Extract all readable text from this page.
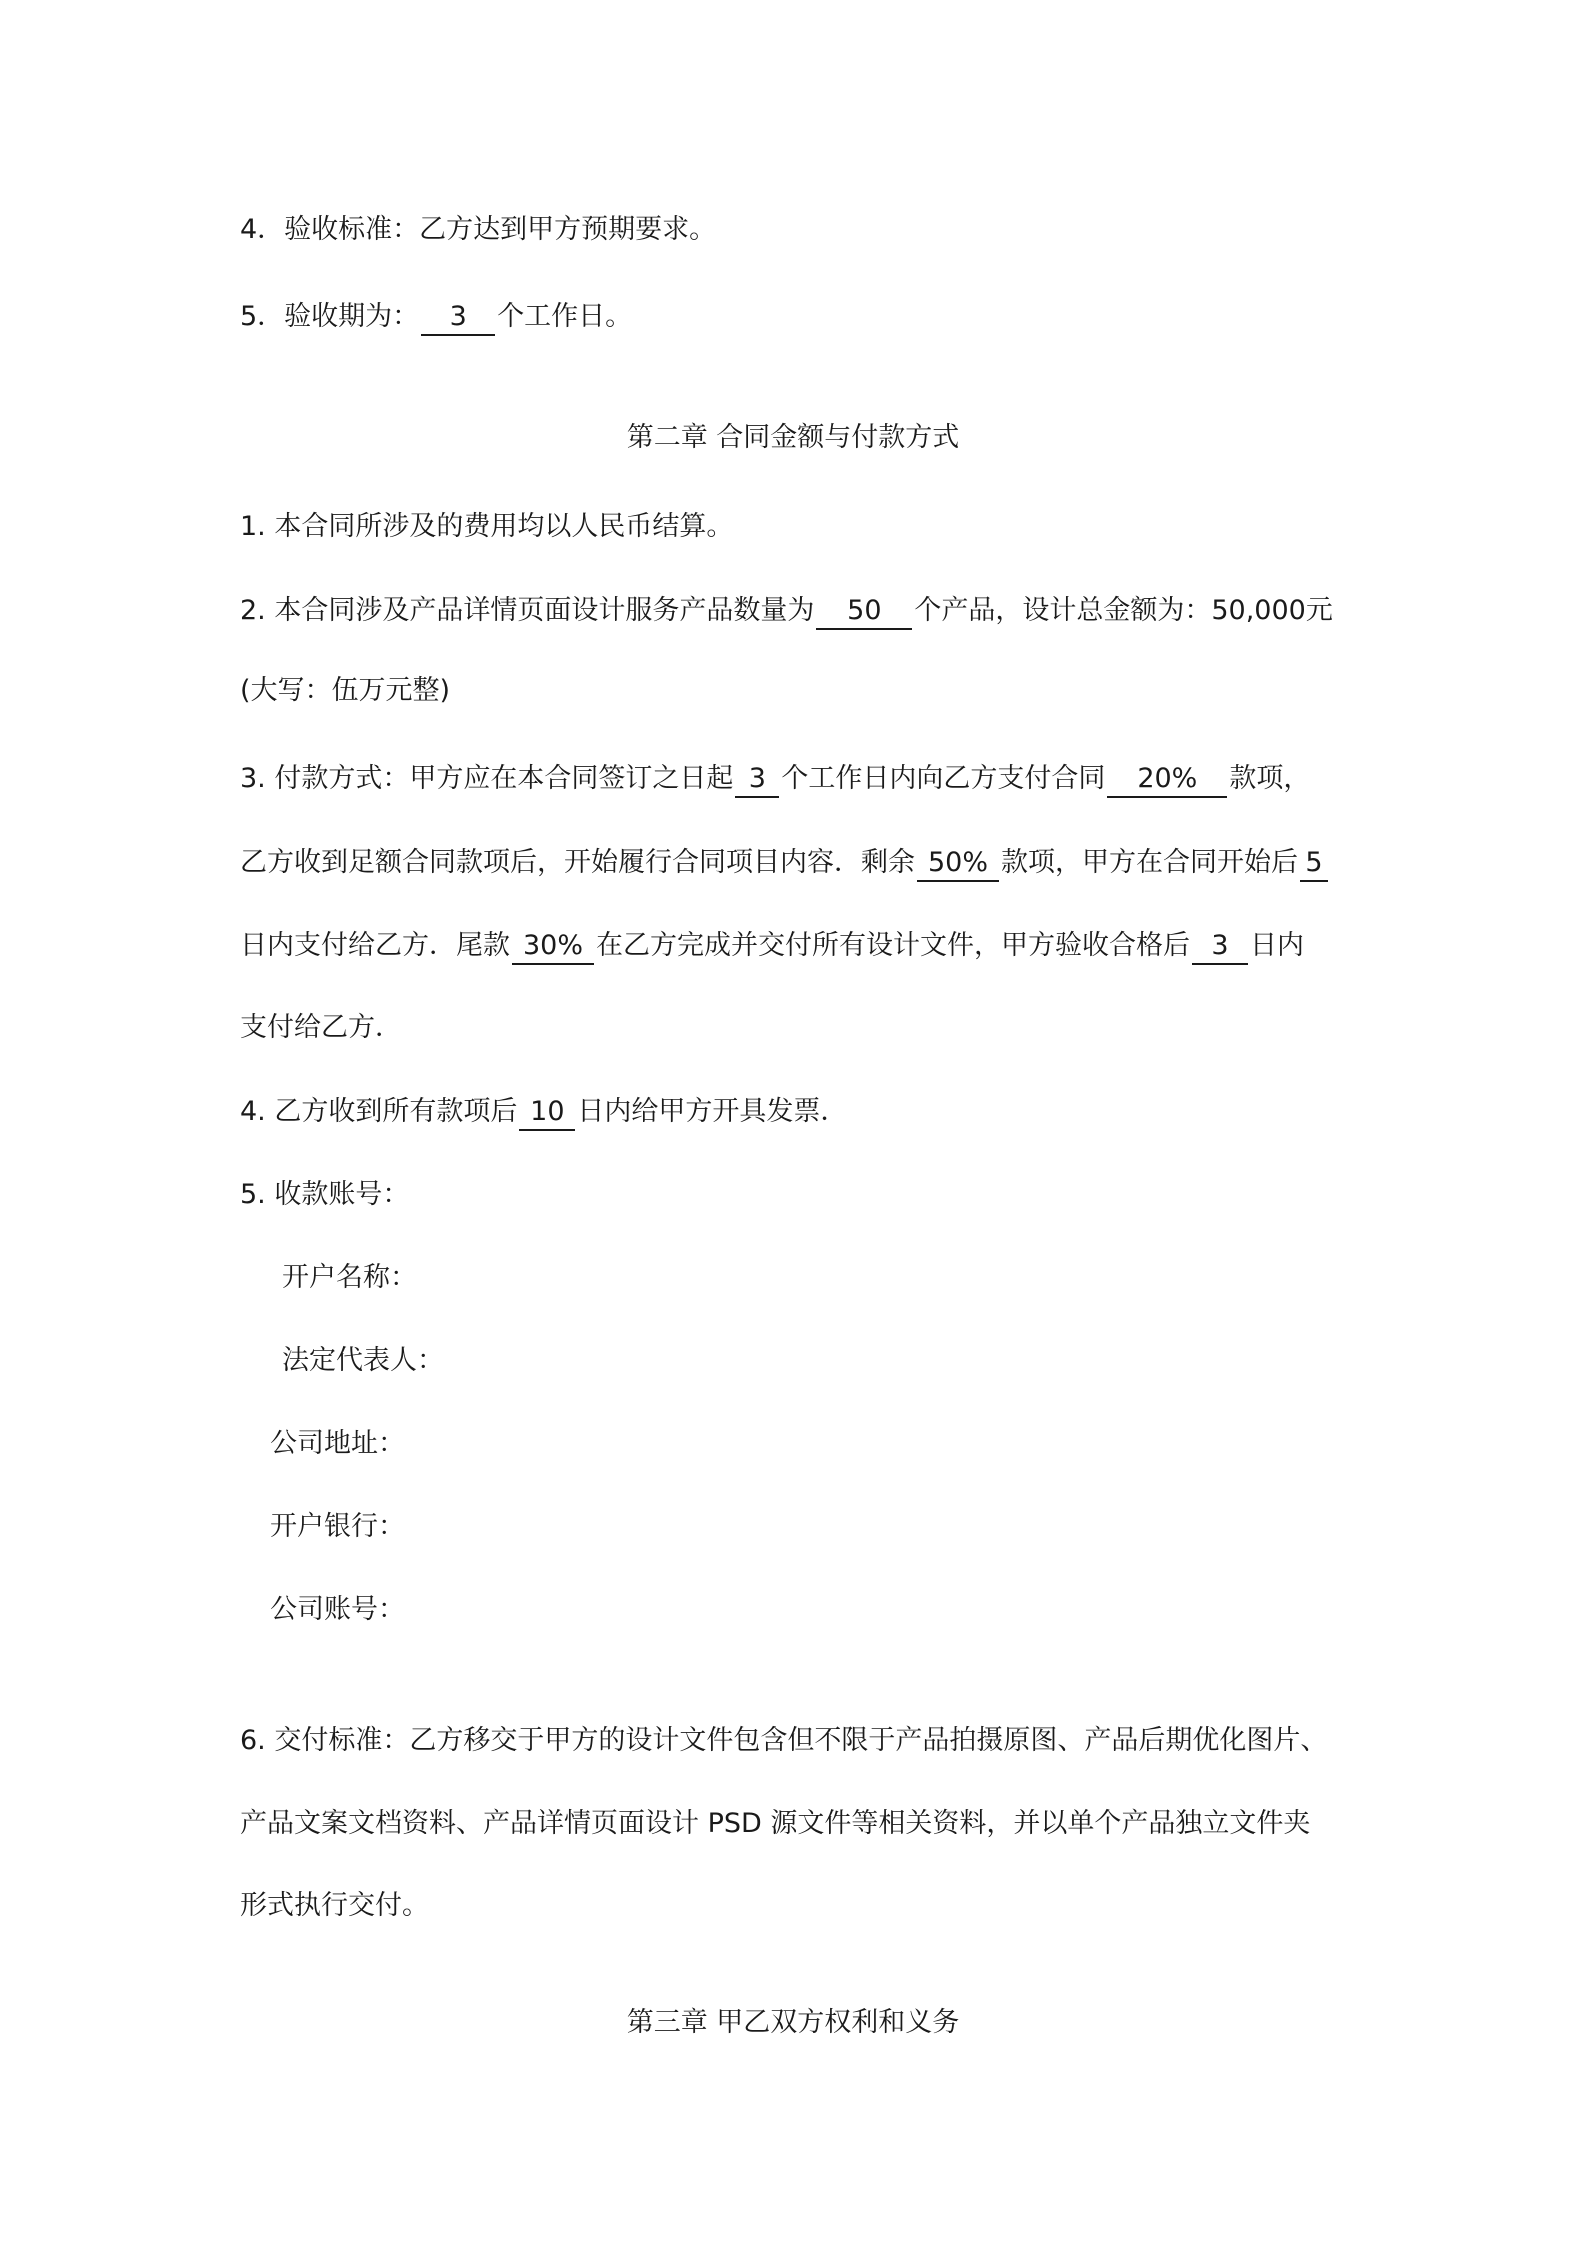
4．验收标准：乙方达到甲方预期要求。
5．验收期为： 3 个工作日。
第二章 合同金额与付款方式
1. 本合同所涉及的费用均以人民币结算。
2. 本合同涉及产品详情页面设计服务产品数量为 50 个产品，设计总金额为：50,000元
(大写：伍万元整)
3. 付款方式：甲方应在本合同签订之日起 3 个工作日内向乙方支付合同 20% 款项，
乙方收到足额合同款项后，开始履行合同项目内容．剩余 50% 款项，甲方在合同开始后 5
日内支付给乙方．尾款 30% 在乙方完成并交付所有设计文件，甲方验收合格后 3 日内
支付给乙方．
4. 乙方收到所有款项后 10 日内给甲方开具发票．
5. 收款账号：
开户名称：
法定代表人：
公司地址：
开户银行：
公司账号：
6. 交付标准：乙方移交于甲方的设计文件包含但不限于产品拍摄原图、产品后期优化图片、
产品文案文档资料、产品详情页面设计 PSD 源文件等相关资料，并以单个产品独立文件夹
形式执行交付。
第三章 甲乙双方权利和义务
